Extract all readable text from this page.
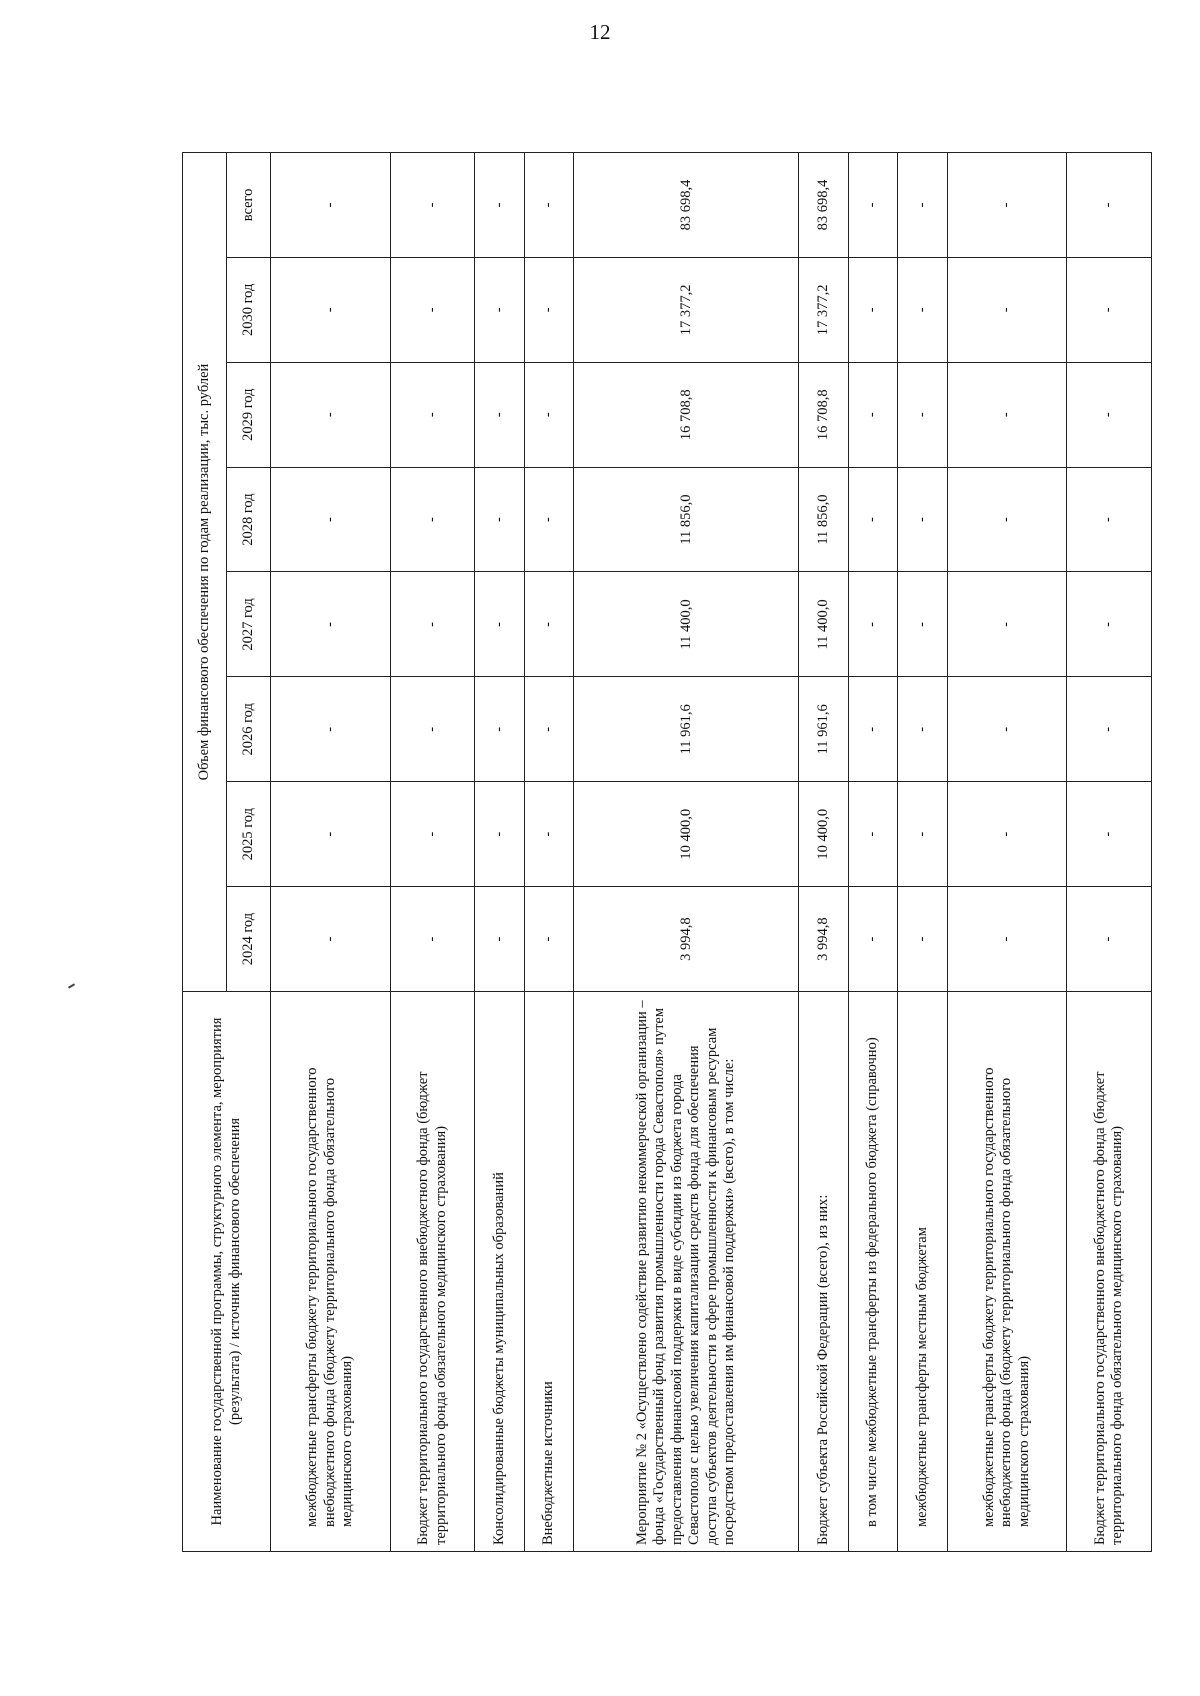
12
Наименование государственной программы, структурного элемента, мероприятия (результата) / источник финансового обеспечения	Объем финансового обеспечения по годам реализации, тыс. рублей							
	2024 год	2025 год	2026 год	2027 год	2028 год	2029 год	2030 год	всего
межбюджетные трансферты бюджету территориального государственного внебюджетного фонда (бюджету территориального фонда обязательного медицинского страхования)	-	-	-	-	-	-	-	-
Бюджет территориального государственного внебюджетного фонда (бюджет территориального фонда обязательного медицинского страхования)	-	-	-	-	-	-	-	-
Консолидированные бюджеты муниципальных образований	-	-	-	-	-	-	-	-
Внебюджетные источники	-	-	-	-	-	-	-	-
Мероприятие № 2 «Осуществлено содействие развитию некоммерческой организации – фонда «Государственный фонд развития промышленности города Севастополя» путем предоставления финансовой поддержки в виде субсидии из бюджета города Севастополя с целью увеличения капитализации средств фонда для обеспечения доступа субъектов деятельности в сфере промышленности к финансовым ресурсам посредством предоставления им финансовой поддержки» (всего), в том числе:	3 994,8	10 400,0	11 961,6	11 400,0	11 856,0	16 708,8	17 377,2	83 698,4
Бюджет субъекта Российской Федерации (всего), из них:	3 994,8	10 400,0	11 961,6	11 400,0	11 856,0	16 708,8	17 377,2	83 698,4
в том числе межбюджетные трансферты из федерального бюджета (справочно)	-	-	-	-	-	-	-	-
межбюджетные трансферты местным бюджетам	-	-	-	-	-	-	-	-
межбюджетные трансферты бюджету территориального государственного внебюджетного фонда (бюджету территориального фонда обязательного медицинского страхования)	-	-	-	-	-	-	-	-
Бюджет территориального государственного внебюджетного фонда (бюджет территориального фонда обязательного медицинского страхования)	-	-	-	-	-	-	-	-
